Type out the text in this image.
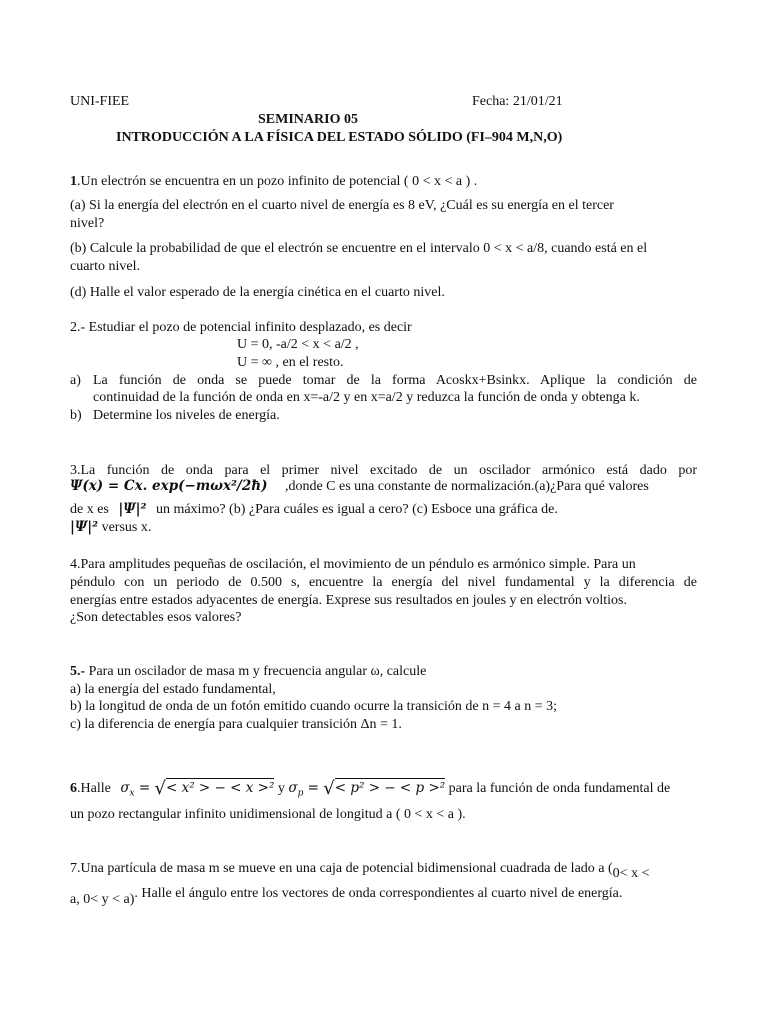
UNI-FIEE	Fecha: 21/01/21
SEMINARIO 05
INTRODUCCIÓN A LA FÍSICA DEL ESTADO SÓLIDO (FI–904 M,N,O)
1.Un electrón se encuentra en un pozo infinito de potencial ( 0 < x < a ) .
(a) Si la energía del electrón en el cuarto nivel de energía es 8 eV, ¿Cuál es su energía en el tercer
nivel?
(b) Calcule la probabilidad de que el electrón se encuentre en el intervalo 0 < x < a/8, cuando está en el
cuarto nivel.
(d) Halle el valor esperado de la energía cinética en el cuarto nivel.
2.- Estudiar el pozo de potencial infinito desplazado, es decir
U = 0, -a/2 < x < a/2 ,
U = ∞ , en el resto.
a) La función de onda se puede tomar de la forma Acoskx+Bsinkx. Aplique la condición de
continuidad de la función de onda en x=-a/2 y en x=a/2 y reduzca la función de onda y obtenga k.
b) Determine los niveles de energía.
3.La función de onda para el primer nivel excitado de un oscilador armónico está dado por
Ψ(x) = Cx. exp(−mωx²/2ħ) ,donde C es una constante de normalización.(a)¿Para qué valores
de x es |Ψ|² un máximo? (b) ¿Para cuáles es igual a cero? (c) Esboce una gráfica de.
|Ψ|² versus x.
4.Para amplitudes pequeñas de oscilación, el movimiento de un péndulo es armónico simple. Para un
péndulo con un periodo de 0.500 s, encuentre la energía del nivel fundamental y la diferencia de
energías entre estados adyacentes de energía. Exprese sus resultados en joules y en electrón voltios.
¿Son detectables esos valores?
5.- Para un oscilador de masa m y frecuencia angular ω, calcule
a) la energía del estado fundamental,
b) la longitud de onda de un fotón emitido cuando ocurre la transición de n = 4 a n = 3;
c) la diferencia de energía para cualquier transición Δn = 1.
6.Halle $\sigma_x$ = √< x² > − < x >² y $\sigma_p$ = √< p² > − < p >² para la función de onda fundamental de
un pozo rectangular infinito unidimensional de longitud a ( 0 < x < a ).
7.Una partícula de masa m se mueve en una caja de potencial bidimensional cuadrada de lado a (0< x <
a, 0< y < a). Halle el ángulo entre los vectores de onda correspondientes al cuarto nivel de energía.
